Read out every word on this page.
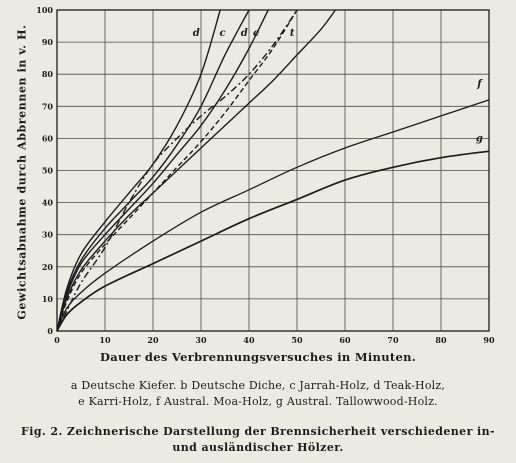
0	10	20	30	40	50	60	70	80	90
0
10
20
30
40
50
60
70
80
90
100
d c d e	t
f
g
Gewichtsabnahme durch Abbrennen in v. H.
Dauer des Verbrennungsversuches in Minuten.
a Deutsche Kiefer. b Deutsche Diche, c Jarrah-Holz, d Teak-Holz,
e Karri-Holz, f Austral. Moa-Holz, g Austral. Tallowwood-Holz.
Fig. 2. Zeichnerische Darstellung der Brennsicherheit verschiedener in-
und ausländischer Hölzer.
